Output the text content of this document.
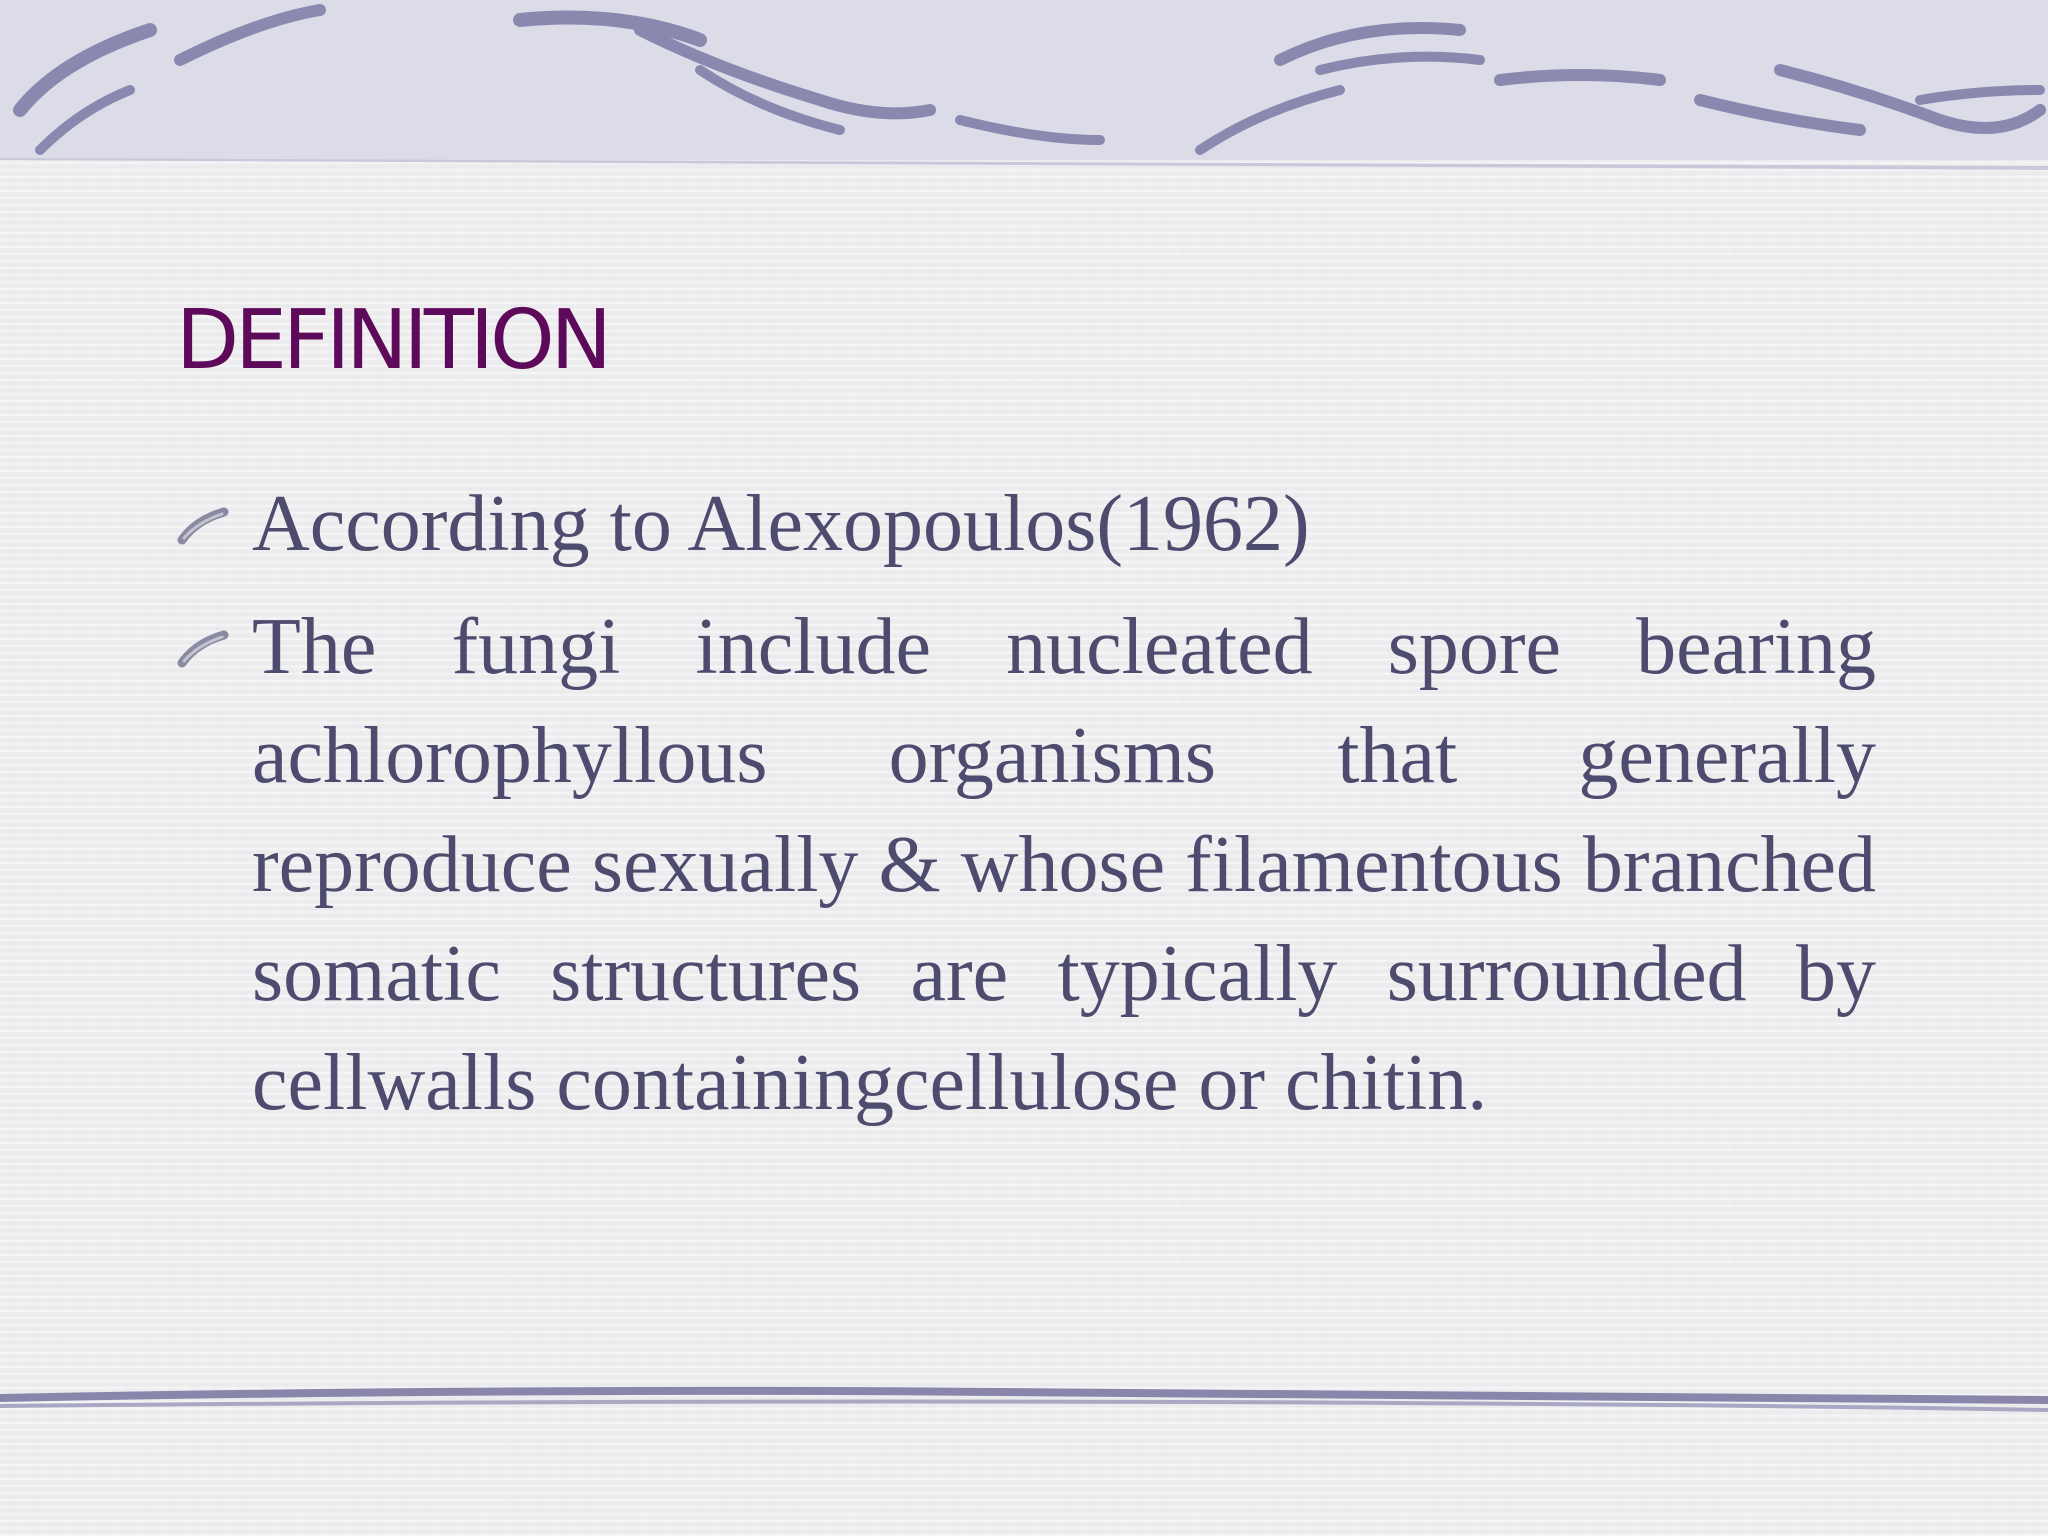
DEFINITION
According to Alexopoulos(1962)
The fungi include nucleated spore bearing achlorophyllous organisms that generally reproduce sexually & whose filamentous branched somatic structures are typically surrounded by cellwalls containingcellulose or chitin.
